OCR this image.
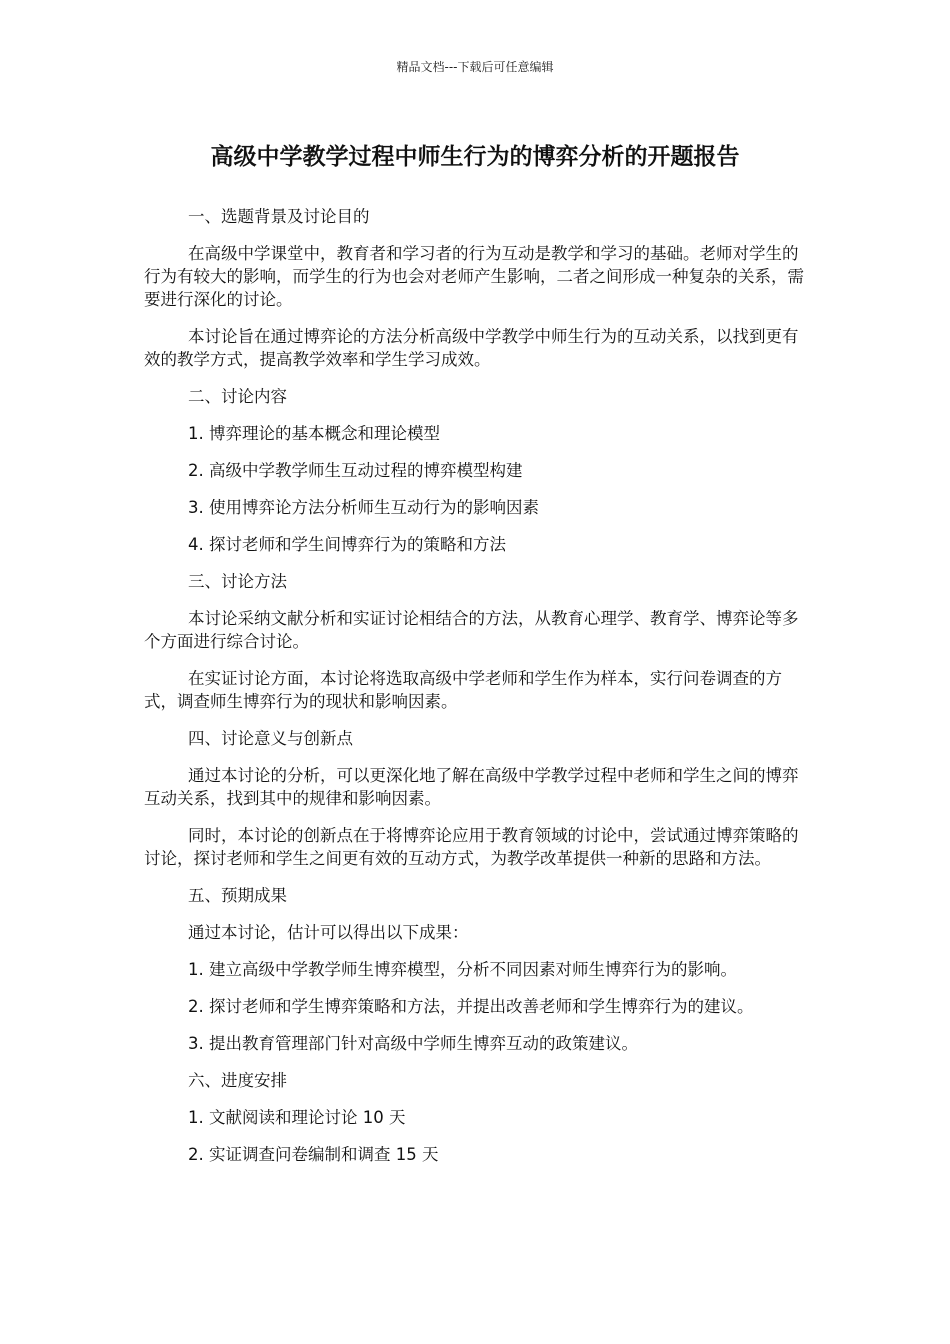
精品文档---下载后可任意编辑
高级中学教学过程中师生行为的博弈分析的开题报告

一、选题背景及讨论目的

在高级中学课堂中，教育者和学习者的行为互动是教学和学习的基础。老师对学生的行为有较大的影响，而学生的行为也会对老师产生影响，二者之间形成一种复杂的关系，需要进行深化的讨论。

本讨论旨在通过博弈论的方法分析高级中学教学中师生行为的互动关系，以找到更有效的教学方式，提高教学效率和学生学习成效。

二、讨论内容

1. 博弈理论的基本概念和理论模型

2. 高级中学教学师生互动过程的博弈模型构建

3. 使用博弈论方法分析师生互动行为的影响因素

4. 探讨老师和学生间博弈行为的策略和方法

三、讨论方法

本讨论采纳文献分析和实证讨论相结合的方法，从教育心理学、教育学、博弈论等多个方面进行综合讨论。

在实证讨论方面，本讨论将选取高级中学老师和学生作为样本，实行问卷调查的方式，调查师生博弈行为的现状和影响因素。

四、讨论意义与创新点

通过本讨论的分析，可以更深化地了解在高级中学教学过程中老师和学生之间的博弈互动关系，找到其中的规律和影响因素。

同时，本讨论的创新点在于将博弈论应用于教育领域的讨论中，尝试通过博弈策略的讨论，探讨老师和学生之间更有效的互动方式，为教学改革提供一种新的思路和方法。

五、预期成果

通过本讨论，估计可以得出以下成果：

1. 建立高级中学教学师生博弈模型，分析不同因素对师生博弈行为的影响。

2. 探讨老师和学生博弈策略和方法，并提出改善老师和学生博弈行为的建议。

3. 提出教育管理部门针对高级中学师生博弈互动的政策建议。

六、进度安排

1. 文献阅读和理论讨论 10 天

2. 实证调查问卷编制和调查 15 天
